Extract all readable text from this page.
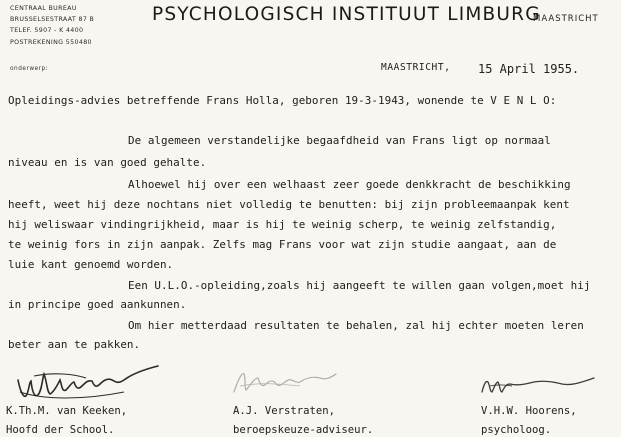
CENTRAAL BUREAU
BRUSSELSESTRAAT 87 B
TELEF. 5907 - K 4400
POSTREKENING 550480
PSYCHOLOGISCH INSTITUUT LIMBURG
MAASTRICHT
onderwerp:	MAASTRICHT, 15 April 1955.
Opleidings-advies betreffende Frans Holla, geboren 19-3-1943, wonende te V E N L O:
De algemeen verstandelijke begaafdheid van Frans ligt op normaal
niveau en is van goed gehalte.
Alhoewel hij over een welhaast zeer goede denkkracht de beschikking
heeft, weet hij deze nochtans niet volledig te benutten: bij zijn probleemaanpak kent
hij weliswaar vindingrijkheid, maar is hij te weinig scherp, te weinig zelfstandig,
te weinig fors in zijn aanpak. Zelfs mag Frans voor wat zijn studie aangaat, aan de
luie kant genoemd worden.
Een U.L.O.-opleiding,zoals hij aangeeft te willen gaan volgen,moet hij
in principe goed aankunnen.
Om hier metterdaad resultaten te behalen, zal hij echter moeten leren
beter aan te pakken.
K.Th.M. van Keeken,
Hoofd der School.
A.J. Verstraten,
beroepskeuze-adviseur.
V.H.W. Hoorens,
psycholoog.
